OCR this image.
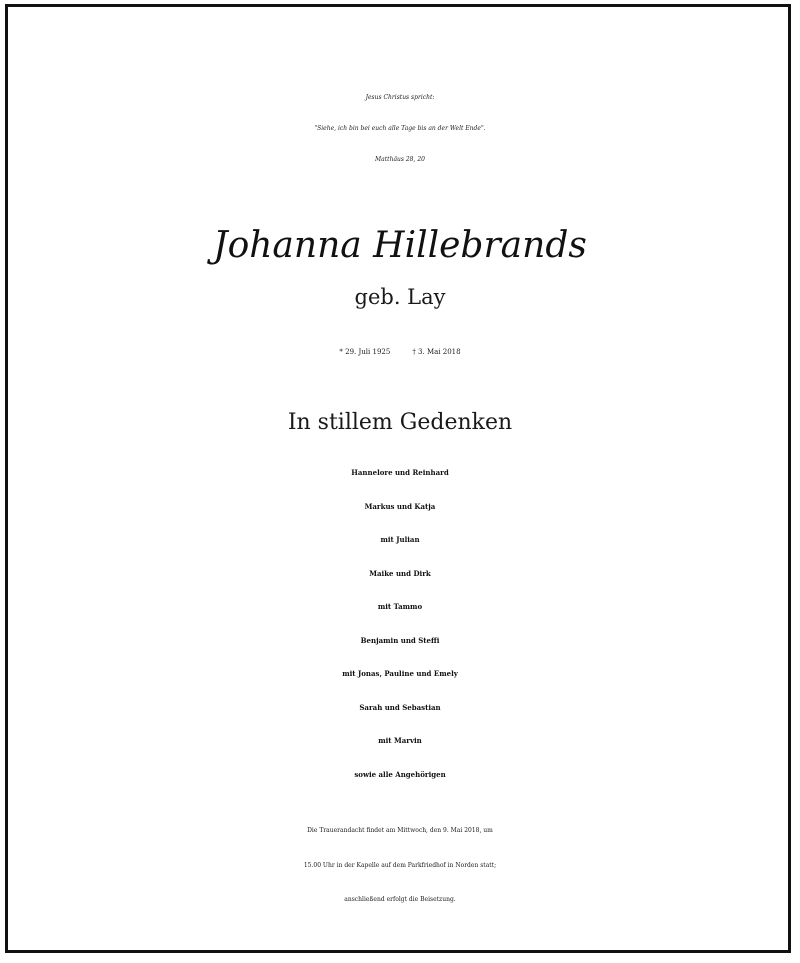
Jesus Christus spricht:
"Siehe, ich bin bei euch alle Tage bis an der Welt Ende".
Matthäus 28, 20
Johanna Hillebrands
geb. Lay
* 29. Juli 1925	† 3. Mai 2018
In stillem Gedenken
Hannelore und Reinhard
Markus und Katja
mit Julian
Maike und Dirk
mit Tammo
Benjamin und Steffi
mit Jonas, Pauline und Emely
Sarah und Sebastian
mit Marvin
sowie alle Angehörigen
Die Trauerandacht findet am Mittwoch, den 9. Mai 2018, um
15.00 Uhr in der Kapelle auf dem Parkfriedhof in Norden statt;
anschließend erfolgt die Beisetzung.
